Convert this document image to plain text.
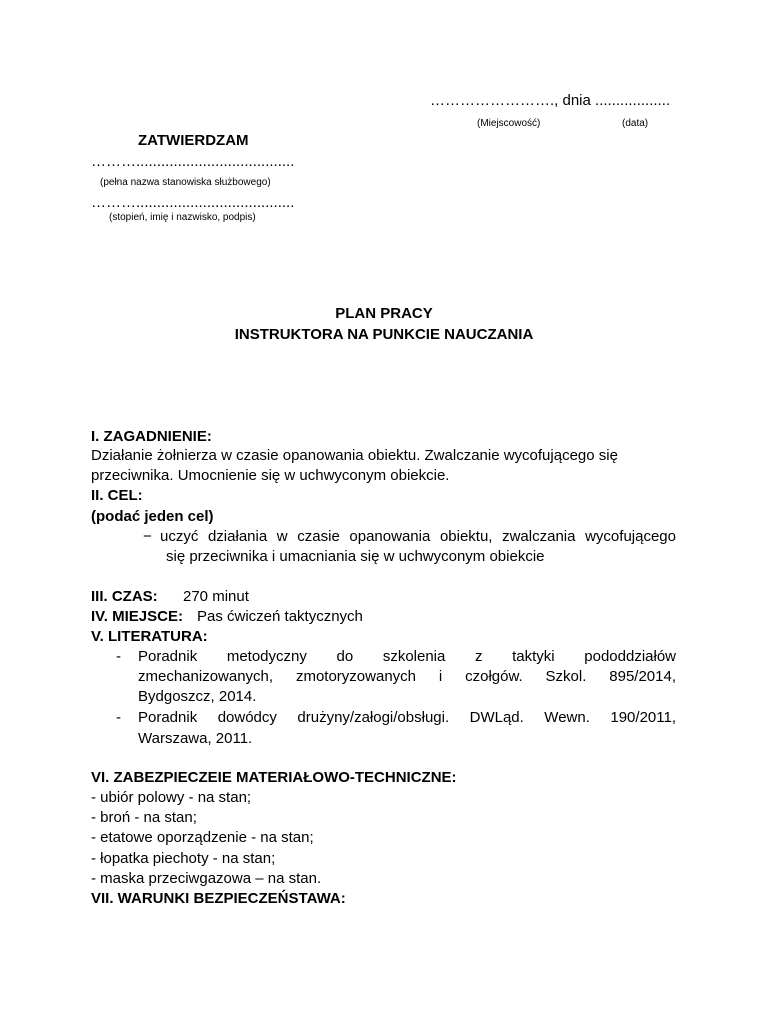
……………………., dnia ..................
(Miejscowość)	(data)
ZATWIERDZAM
………......................................
(pełna nazwa stanowiska służbowego)
………......................................
(stopień, imię i nazwisko, podpis)
PLAN PRACY
INSTRUKTORA NA PUNKCIE NAUCZANIA
I. ZAGADNIENIE:
Działanie żołnierza w czasie opanowania obiektu. Zwalczanie wycofującego się
przeciwnika. Umocnienie się w uchwyconym obiekcie.
II. CEL:
(podać jeden cel)
− uczyć działania w czasie opanowania obiektu, zwalczania wycofującego
się przeciwnika i umacniania się w uchwyconym obiekcie
III. CZAS: 270 minut
IV. MIEJSCE: Pas ćwiczeń taktycznych
V. LITERATURA:
- Poradnik metodyczny do szkolenia z taktyki pododdziałów
zmechanizowanych, zmotoryzowanych i czołgów. Szkol. 895/2014,
Bydgoszcz, 2014.
- Poradnik dowódcy drużyny/załogi/obsługi. DWLąd. Wewn. 190/2011,
Warszawa, 2011.
VI. ZABEZPIECZEIE MATERIAŁOWO-TECHNICZNE:
- ubiór polowy - na stan;
- broń - na stan;
- etatowe oporządzenie - na stan;
- łopatka piechoty - na stan;
- maska przeciwgazowa – na stan.
VII. WARUNKI BEZPIECZEŃSTAWA:
